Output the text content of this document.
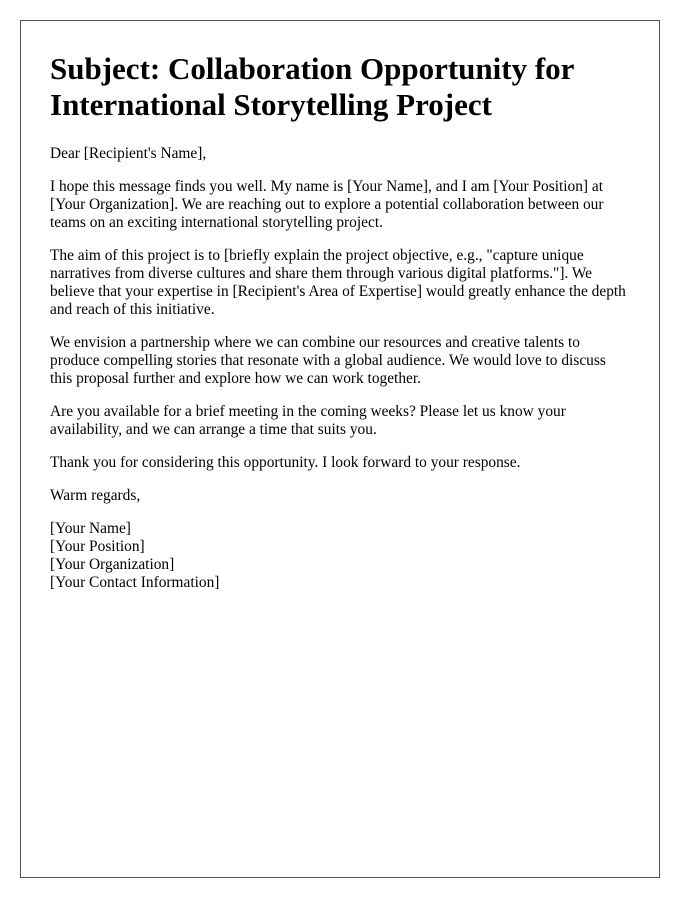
Subject: Collaboration Opportunity for International Storytelling Project

Dear [Recipient's Name],

I hope this message finds you well. My name is [Your Name], and I am [Your Position] at [Your Organization]. We are reaching out to explore a potential collaboration between our teams on an exciting international storytelling project.

The aim of this project is to [briefly explain the project objective, e.g., "capture unique narratives from diverse cultures and share them through various digital platforms."]. We believe that your expertise in [Recipient's Area of Expertise] would greatly enhance the depth and reach of this initiative.

We envision a partnership where we can combine our resources and creative talents to produce compelling stories that resonate with a global audience. We would love to discuss this proposal further and explore how we can work together.

Are you available for a brief meeting in the coming weeks? Please let us know your availability, and we can arrange a time that suits you.

Thank you for considering this opportunity. I look forward to your response.

Warm regards,

[Your Name]

[Your Position]

[Your Organization]

[Your Contact Information]
